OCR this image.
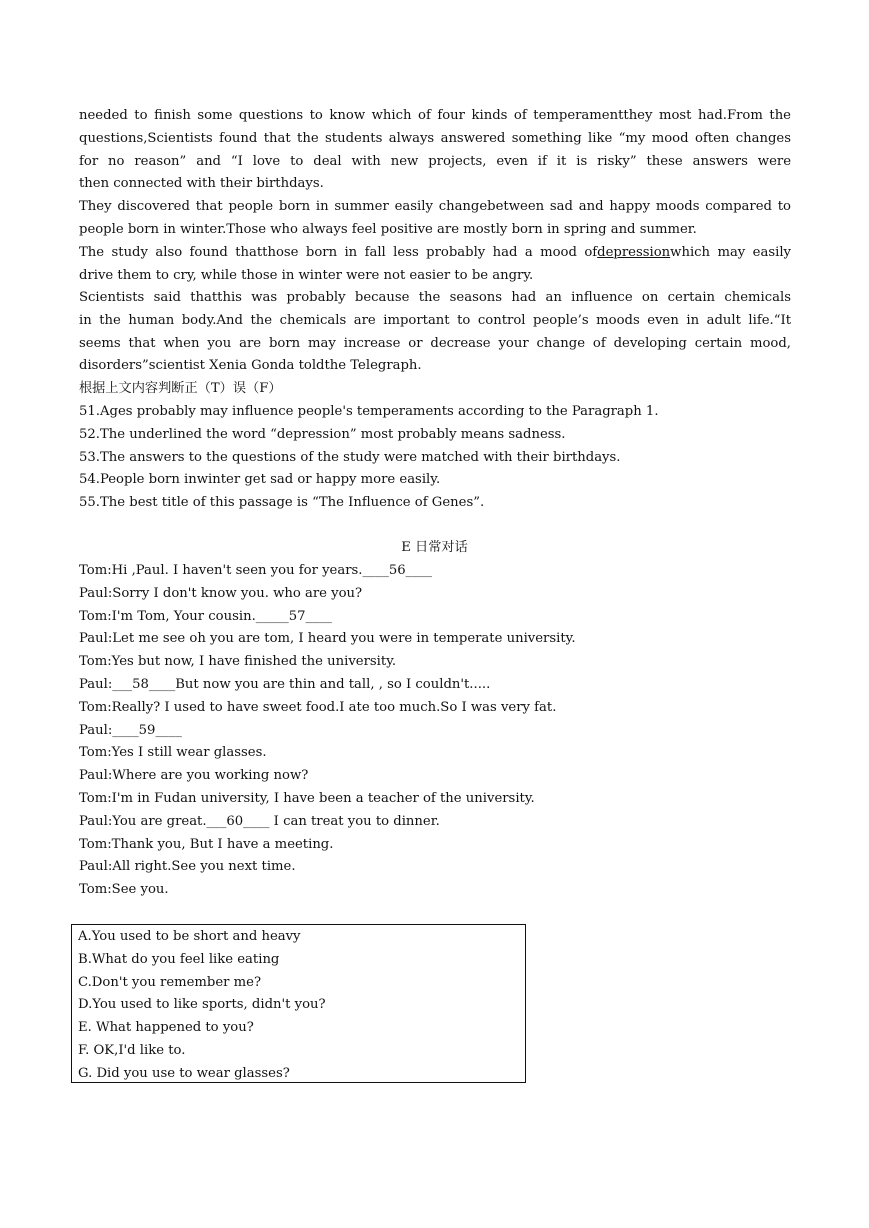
needed to finish some questions to know which of four kinds of temperamentthey most had.From the
questions,Scientists found that the students always answered something like “my mood often changes
for no reason” and “I love to deal with new projects, even if it is risky” these answers were
then connected with their birthdays.
They discovered that people born in summer easily changebetween sad and happy moods compared to
people born in winter.Those who always feel positive are mostly born in spring and summer.
The study also found thatthose born in fall less probably had a mood ofdepressionwhich may easily
drive them to cry, while those in winter were not easier to be angry.
Scientists said thatthis was probably because the seasons had an influence on certain chemicals
in the human body.And the chemicals are important to control people’s moods even in adult life.“It
seems that when you are born may increase or decrease your change of developing certain mood,
disorders”scientist Xenia Gonda toldthe Telegraph.
根据上文内容判断正（T）误（F）
51.Ages probably may influence people's temperaments according to the Paragraph 1.
52.The underlined the word “depression” most probably means sadness.
53.The answers to the questions of the study were matched with their birthdays.
54.People born inwinter get sad or happy more easily.
55.The best title of this passage is “The Influence of Genes”.
E 日常对话
Tom:Hi ,Paul. I haven't seen you for years.____56____
Paul:Sorry I don't know you. who are you?
Tom:I'm Tom, Your cousin._____57____
Paul:Let me see oh you are tom, I heard you were in temperate university.
Tom:Yes but now, I have finished the university.
Paul:___58____But now you are thin and tall, , so I couldn't.....
Tom:Really? I used to have sweet food.I ate too much.So I was very fat.
Paul:____59____
Tom:Yes I still wear glasses.
Paul:Where are you working now?
Tom:I'm in Fudan university, I have been a teacher of the university.
Paul:You are great.___60____ I can treat you to dinner.
Tom:Thank you, But I have a meeting.
Paul:All right.See you next time.
Tom:See you.
A.You used to be short and heavy
B.What do you feel like eating
C.Don't you remember me?
D.You used to like sports, didn't you?
E. What happened to you?
F. OK,I'd like to.
G. Did you use to wear glasses?
